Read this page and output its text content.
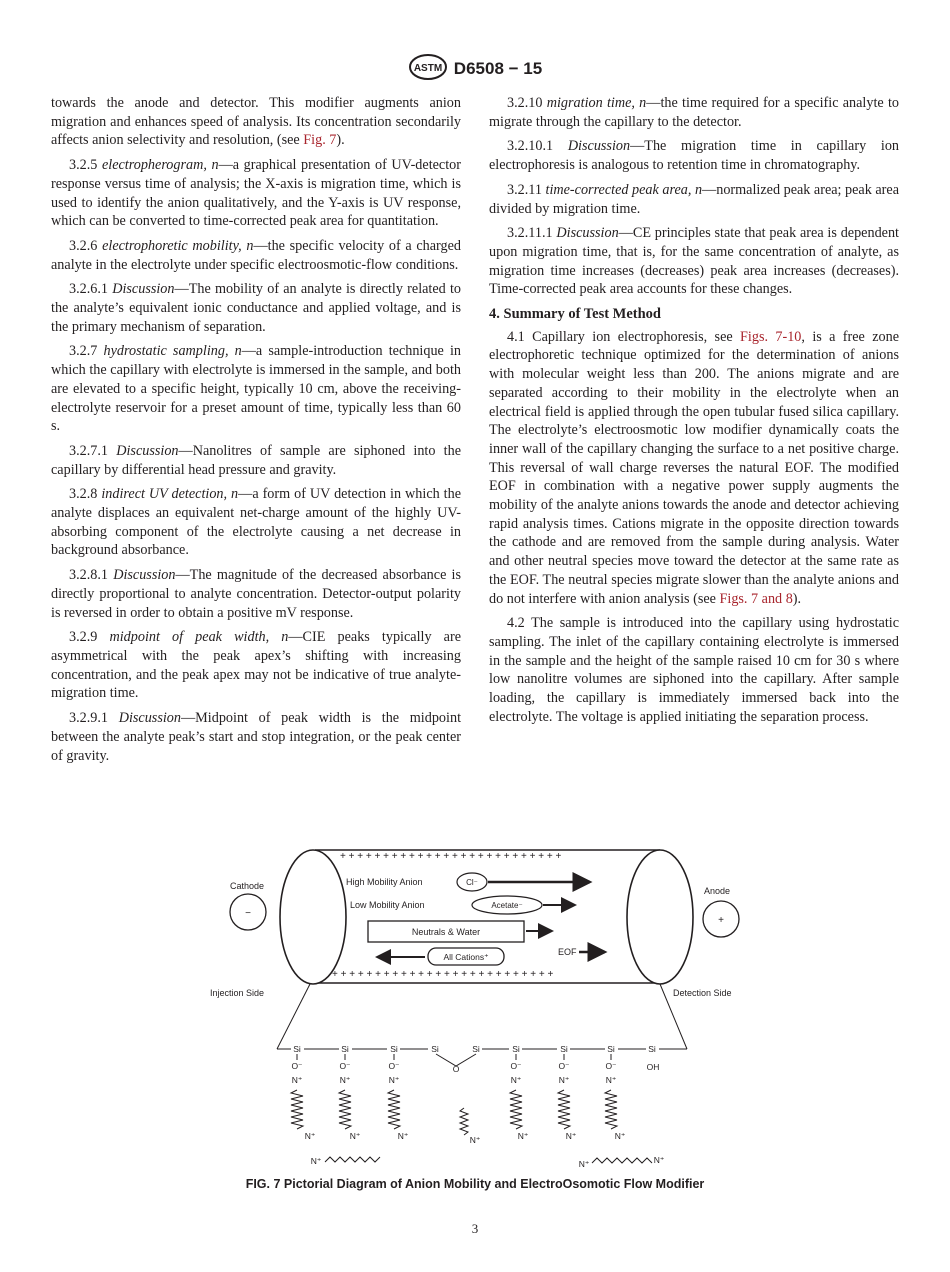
ASTM D6508 − 15

towards the anode and detector. This modifier augments anion migration and enhances speed of analysis. Its concentration secondarily affects anion selectivity and resolution, (see Fig. 7).

3.2.5 electropherogram, n—a graphical presentation of UV-detector response versus time of analysis; the X-axis is migration time, which is used to identify the anion qualitatively, and the Y-axis is UV response, which can be converted to time-corrected peak area for quantitation.

3.2.6 electrophoretic mobility, n—the specific velocity of a charged analyte in the electrolyte under specific electroosmotic-flow conditions.

3.2.6.1 Discussion—The mobility of an analyte is directly related to the analyte’s equivalent ionic conductance and applied voltage, and is the primary mechanism of separation.

3.2.7 hydrostatic sampling, n—a sample-introduction technique in which the capillary with electrolyte is immersed in the sample, and both are elevated to a specific height, typically 10 cm, above the receiving-electrolyte reservoir for a preset amount of time, typically less than 60 s.

3.2.7.1 Discussion—Nanolitres of sample are siphoned into the capillary by differential head pressure and gravity.

3.2.8 indirect UV detection, n—a form of UV detection in which the analyte displaces an equivalent net-charge amount of the highly UV-absorbing component of the electrolyte causing a net decrease in background absorbance.

3.2.8.1 Discussion—The magnitude of the decreased absorbance is directly proportional to analyte concentration. Detector-output polarity is reversed in order to obtain a positive mV response.

3.2.9 midpoint of peak width, n—CIE peaks typically are asymmetrical with the peak apex’s shifting with increasing concentration, and the peak apex may not be indicative of true analyte-migration time.

3.2.9.1 Discussion—Midpoint of peak width is the midpoint between the analyte peak’s start and stop integration, or the peak center of gravity.

3.2.10 migration time, n—the time required for a specific analyte to migrate through the capillary to the detector.

3.2.10.1 Discussion—The migration time in capillary ion electrophoresis is analogous to retention time in chromatography.

3.2.11 time-corrected peak area, n—normalized peak area; peak area divided by migration time.

3.2.11.1 Discussion—CE principles state that peak area is dependent upon migration time, that is, for the same concentration of analyte, as migration time increases (decreases) peak area increases (decreases). Time-corrected peak area accounts for these changes.

4. Summary of Test Method

4.1 Capillary ion electrophoresis, see Figs. 7-10, is a free zone electrophoretic technique optimized for the determination of anions with molecular weight less than 200. The anions migrate and are separated according to their mobility in the electrolyte when an electrical field is applied through the open tubular fused silica capillary. The electrolyte’s electroosmotic low modifier dynamically coats the inner wall of the capillary changing the surface to a net positive charge. This reversal of wall charge reverses the natural EOF. The modified EOF in combination with a negative power supply augments the mobility of the analyte anions towards the anode and detector achieving rapid analysis times. Cations migrate in the opposite direction towards the cathode and are removed from the sample during analysis. Water and other neutral species move toward the detector at the same rate as the EOF. The neutral species migrate slower than the analyte anions and do not interfere with anion analysis (see Figs. 7 and 8).

4.2 The sample is introduced into the capillary using hydrostatic sampling. The inlet of the capillary containing electrolyte is immersed in the sample and the height of the sample raised 10 cm for 30 s where low nanolitre volumes are siphoned into the capillary. After sample loading, the capillary is immediately immersed back into the electrolyte. The voltage is applied initiating the separation process.

+ + + + + + + + + + + + + + + + + + + + + + + + + +
+ + + + + + + + + + + + + + + + + + + + + + + + + +
Cathode
−
Anode
+
High Mobility Anion	Cl⁻
Low Mobility Anion	Acetate⁻
Neutrals & Water
All Cations⁺	EOF
Injection Side	Detection Side
Si	Si	Si	Si	Si	Si	Si	Si	Si
O⁻	O⁻	O⁻	O	O⁻	O⁻	O⁻	OH
N⁺	N⁺	N⁺	N⁺	N⁺	N⁺
N⁺	N⁺	N⁺	N⁺	N⁺	N⁺	N⁺
N⁺	N⁺	N⁺
FIG. 7 Pictorial Diagram of Anion Mobility and ElectroOsomotic Flow Modifier
3
